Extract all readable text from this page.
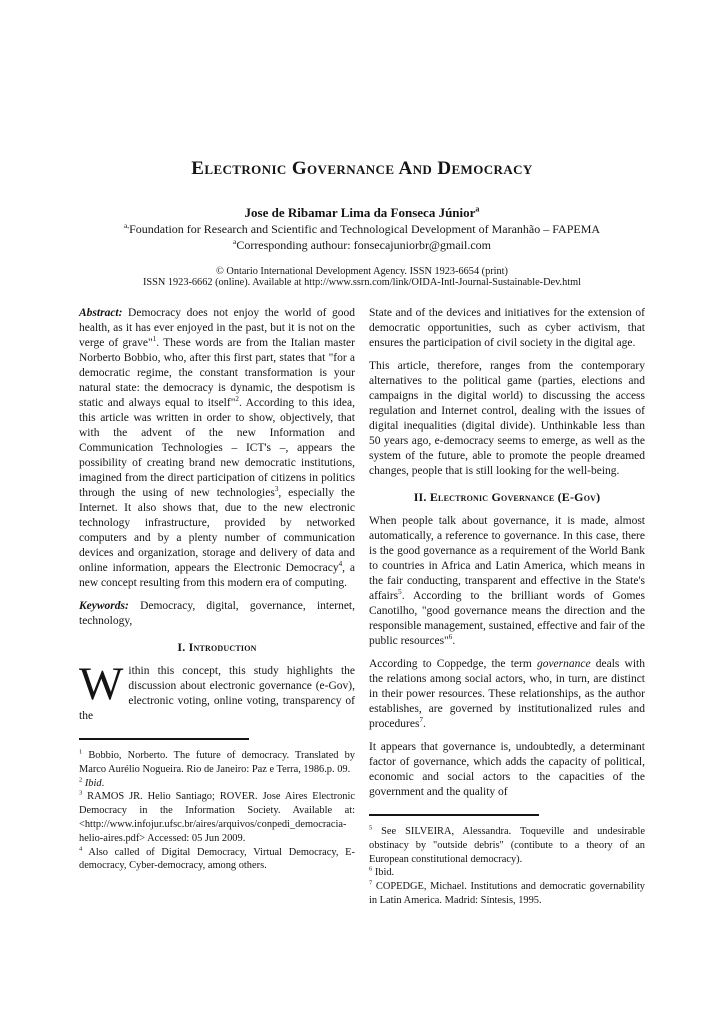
Electronic Governance And Democracy
Jose de Ribamar Lima da Fonseca Júnior$^a$
$^{a,}$Foundation for Research and Scientific and Technological Development of Maranhão – FAPEMA
$^a$Corresponding authour: fonsecajuniorbr@gmail.com
© Ontario International Development Agency. ISSN 1923-6654 (print)
ISSN 1923-6662 (online). Available at http://www.ssrn.com/link/OIDA-Intl-Journal-Sustainable-Dev.html

Abstract: Democracy does not enjoy the world of good health, as it has ever enjoyed in the past, but it is not on the verge of grave"$^1$. These words are from the Italian master Norberto Bobbio, who, after this first part, states that "for a democratic regime, the constant transformation is your natural state: the democracy is dynamic, the despotism is static and always equal to itself"$^2$. According to this idea, this article was written in order to show, objectively, that with the advent of the new Information and Communication Technologies – ICT's –, appears the possibility of creating brand new democratic institutions, imagined from the direct participation of citizens in politics through the using of new technologies$^3$, especially the Internet. It also shows that, due to the new electronic technology infrastructure, provided by networked computers and by a plenty number of communication devices and organization, storage and delivery of data and online information, appears the Electronic Democracy$^4$, a new concept resulting from this modern era of computing.

Keywords: Democracy, digital, governance, internet, technology,

I. Introduction

Within this concept, this study highlights the discussion about electronic governance (e-Gov), electronic voting, online voting, transparency of the

$^1$ Bobbio, Norberto. The future of democracy. Translated by Marco Aurélio Nogueira. Rio de Janeiro: Paz e Terra, 1986.p. 09.

$^2$ Ibid.

$^3$ RAMOS JR. Helio Santiago; ROVER. Jose Aires Electronic Democracy in the Information Society. Available at: <http://www.infojur.ufsc.br/aires/arquivos/conpedi_democracia-helio-aires.pdf> Accessed: 05 Jun 2009.

$^4$ Also called of Digital Democracy, Virtual Democracy, E-democracy, Cyber-democracy, among others.

State and of the devices and initiatives for the extension of democratic opportunities, such as cyber activism, that ensures the participation of civil society in the digital age.

This article, therefore, ranges from the contemporary alternatives to the political game (parties, elections and campaigns in the digital world) to discussing the access regulation and Internet control, dealing with the issues of digital inequalities (digital divide). Unthinkable less than 50 years ago, e-democracy seems to emerge, as well as the system of the future, able to promote the people dreamed changes, people that is still looking for the well-being.

II. Electronic Governance (E-Gov)

When people talk about governance, it is made, almost automatically, a reference to governance. In this case, there is the good governance as a requirement of the World Bank to countries in Africa and Latin America, which means in the fair conducting, transparent and effective in the State's affairs$^5$. According to the brilliant words of Gomes Canotilho, "good governance means the direction and the responsible management, sustained, effective and fair of the public resources"$^6$.

According to Coppedge, the term governance deals with the relations among social actors, who, in turn, are distinct in their power resources. These relationships, as the author establishes, are governed by institutionalized rules and procedures$^7$.

It appears that governance is, undoubtedly, a determinant factor of governance, which adds the capacity of political, economic and social actors to the capacities of the government and the quality of

$^5$ See SILVEIRA, Alessandra. Toqueville and undesirable obstinacy by "outside debris" (contibute to a theory of an European constitutional democracy).

$^6$ Ibid.

$^7$ COPEDGE, Michael. Institutions and democratic governability in Latin America. Madrid: Síntesis, 1995.
